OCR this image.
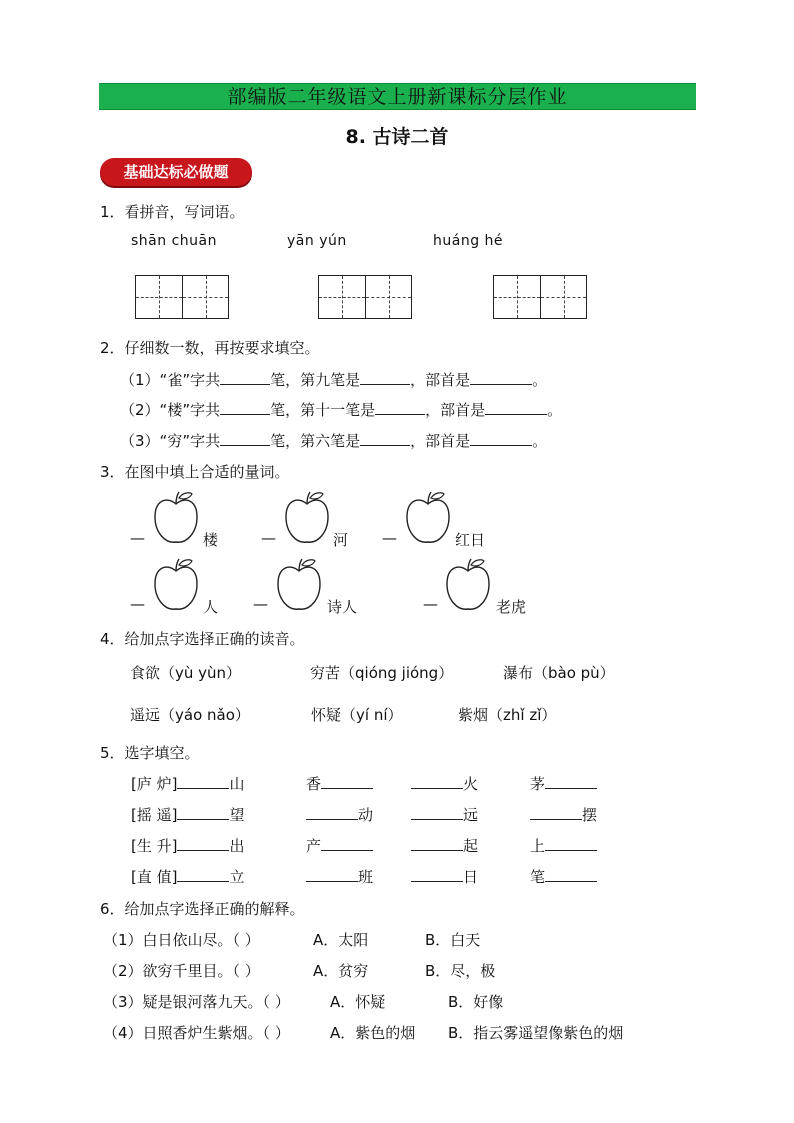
部编版二年级语文上册新课标分层作业
8. 古诗二首
基础达标必做题
1．看拼音，写词语。
shān chuān	yān yún	huáng hé
2．仔细数一数，再按要求填空。
（1）“雀”字共	笔，第九笔是	，部首是	。
（2）“楼”字共	笔，第十一笔是	，部首是	。
（3）“穷”字共	笔，第六笔是	，部首是	。
3．在图中填上合适的量词。
—	楼	—	河 —	红日
—	人 —	诗人	—	老虎
4．给加点字选择正确的读音。
食欲（yù yùn）	穷苦（qióng jióng）	瀑布（bào pù）
遥远（yáo nǎo）	怀疑（yí ní）	紫烟（zhǐ zǐ）
5．选字填空。
[庐 炉]	山	香	火	茅
[摇 遥]	望	动	远	摆
[生 升]	出	产	起	上
[直 值]	立	班	日	笔
6．给加点字选择正确的解释。
（1）白日依山尽。（ ）	A．太阳	B．白天
（2）欲穷千里目。（ ）	A．贫穷	B．尽，极
（3）疑是银河落九天。（ ）	A．怀疑	B．好像
（4）日照香炉生紫烟。（ ）	A．紫色的烟 B．指云雾遥望像紫色的烟
